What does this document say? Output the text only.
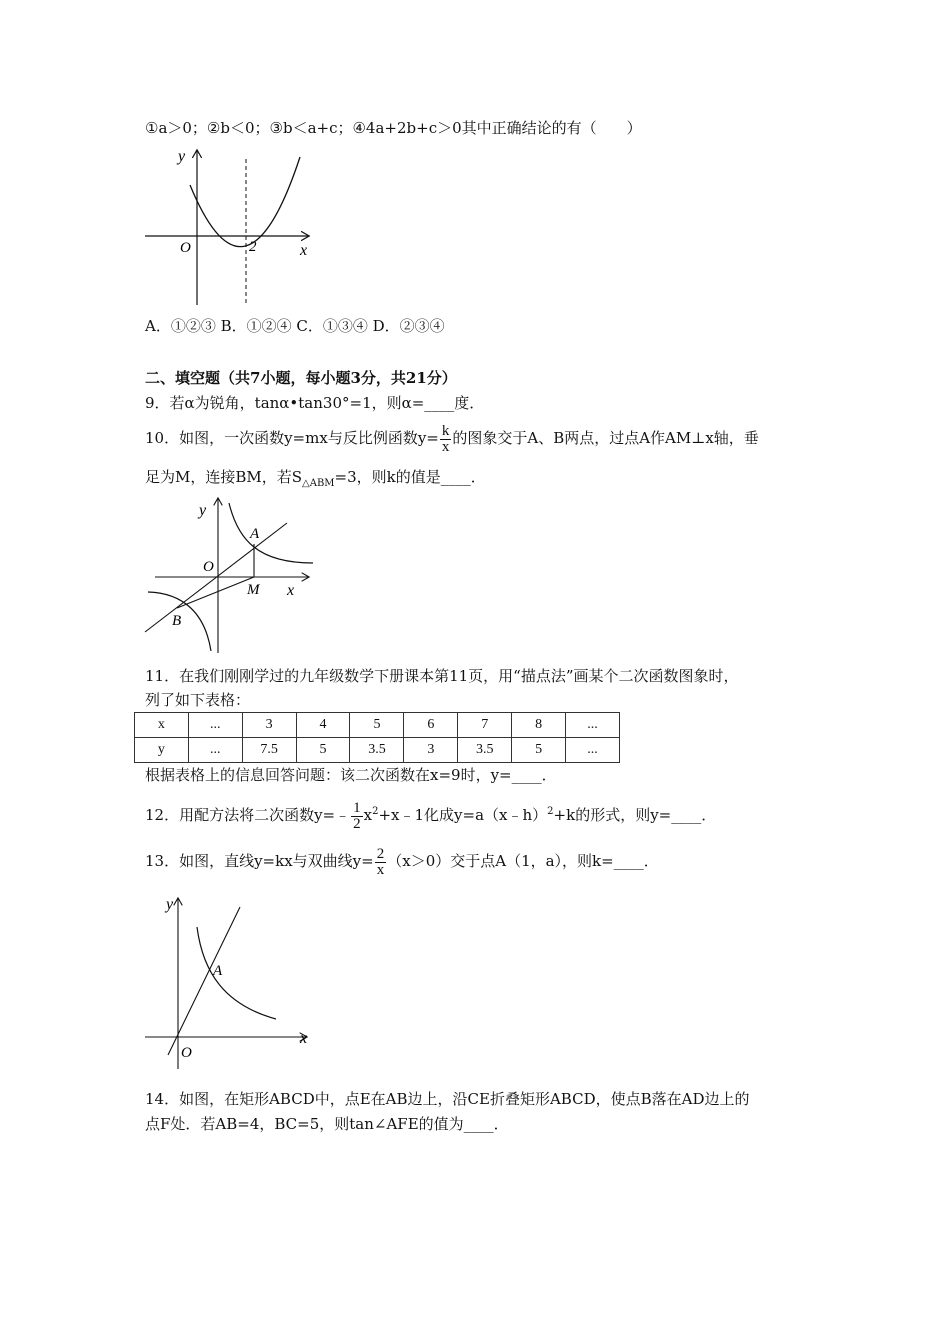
①a＞0；②b＜0；③b＜a+c；④4a+2b+c＞0其中正确结论的有（　　）
y
x
O	2
A．①②③ B．①②④ C．①③④ D．②③④
二、填空题（共7小题，每小题3分，共21分）
9．若α为锐角，tanα•tan30°=1，则α=____度．
10．如图，一次函数y=mx与反比例函数$y= \frac{k}{x}$ 的图象交于A、B两点，过点A作AM⊥x轴，垂
足为M，连接BM，若$S_{\triangle ABM}=3$，则k的值是____．
y
x
O
A
M
B
11．在我们刚刚学过的九年级数学下册课本第11页，用“描点法”画某个二次函数图象时，
列了如下表格：
x	...	3	4	5	6	7	8	...
y	...	7.5	5	3.5	3	3.5	5	...
根据表格上的信息回答问题：该二次函数在x=9时，y=____．
12．用配方法将二次函数y=﹣ $\frac{1}{2}$ $x^2+x﹣1$化成y=a（x﹣h）$^2$+k的形式，则y=____．
13．如图，直线y=kx与双曲线$y= \frac{2}{x} (x>0)$交于点A（1，a），则k=____．
y
x
O
A
14．如图，在矩形ABCD中，点E在AB边上，沿CE折叠矩形ABCD，使点B落在AD边上的
点F处．若AB=4，BC=5，则tan∠AFE的值为____．
